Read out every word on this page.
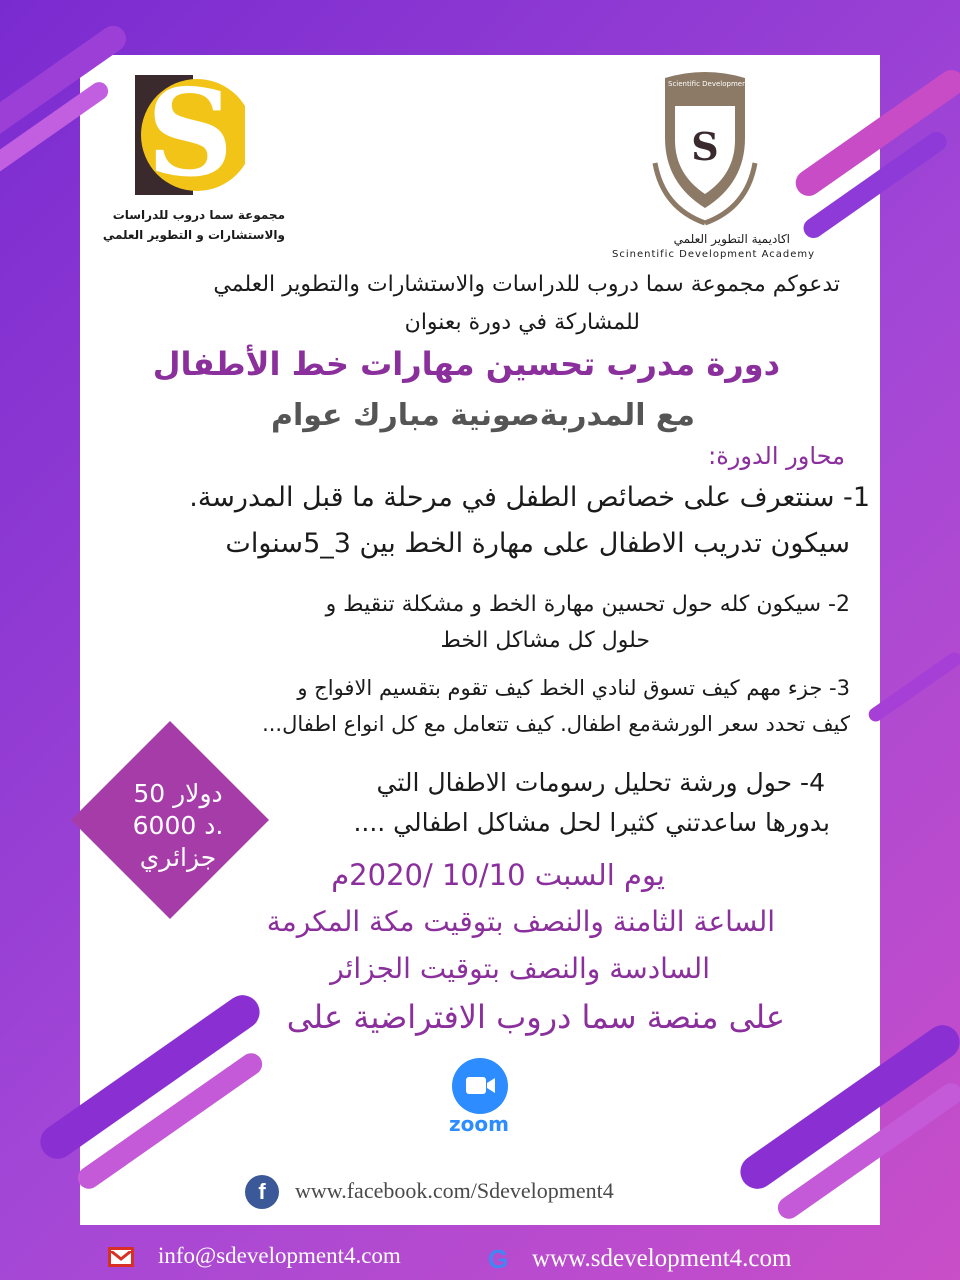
S
مجموعة سما دروب للدراسات
والاستشارات و التطوير العلمي
S
Scientific Development Academy
اكاديمية التطوير العلمي
Scinentific Development Academy
تدعوكم مجموعة سما دروب للدراسات والاستشارات والتطوير العلمي
للمشاركة في دورة بعنوان
دورة مدرب تحسين مهارات خط الأطفال
مع المدربةصونية مبارك عوام
محاور الدورة:
1- سنتعرف على خصائص الطفل في مرحلة ما قبل المدرسة.
سيكون تدريب الاطفال على مهارة الخط بين 3_5سنوات
2- سيكون كله حول تحسين مهارة الخط و مشكلة تنقيط و
حلول كل مشاكل الخط
3- جزء مهم كيف تسوق لنادي الخط كيف تقوم بتقسيم الافواج و
كيف تحدد سعر الورشةمع اطفال. كيف تتعامل مع كل انواع اطفال...
50 دولار
6000 د.
جزائري
4- حول ورشة تحليل رسومات الاطفال التي
بدورها ساعدتني كثيرا لحل مشاكل اطفالي ....
يوم السبت 10/10 /2020م
الساعة الثامنة والنصف بتوقيت مكة المكرمة
السادسة والنصف بتوقيت الجزائر
على منصة سما دروب الافتراضية على
zoom
f	www.facebook.com/Sdevelopment4
info@sdevelopment4.com	G www.sdevelopment4.com
